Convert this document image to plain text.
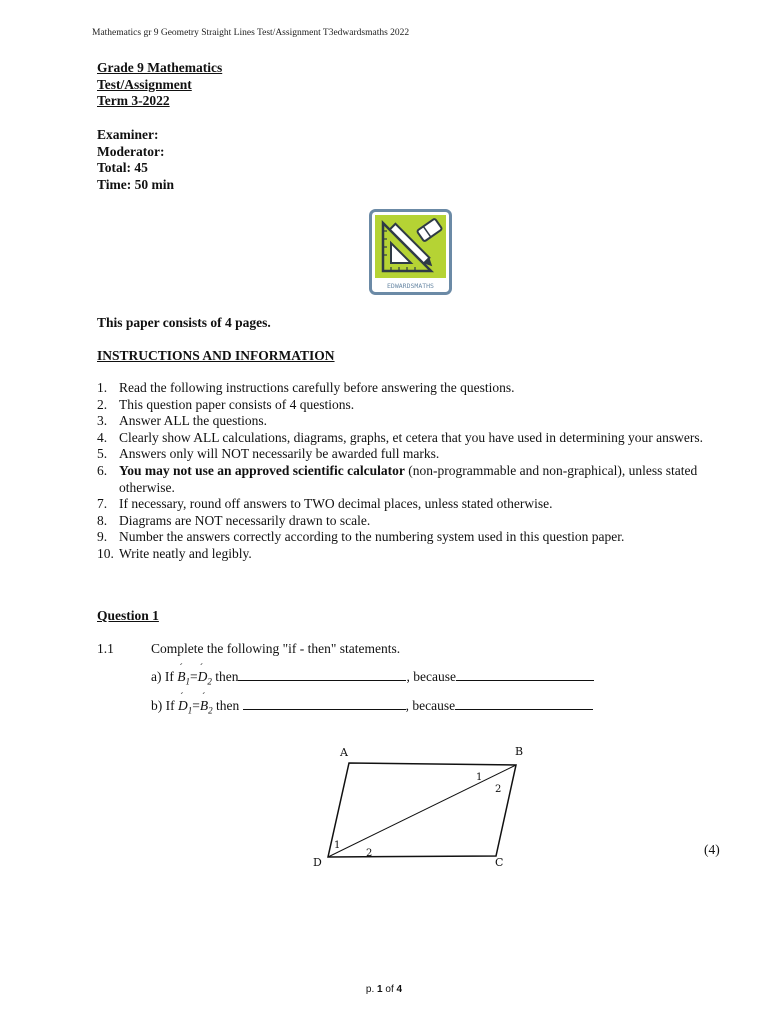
Mathematics gr 9 Geometry Straight Lines Test/Assignment T3edwardsmaths 2022
Grade 9 Mathematics
Test/Assignment
Term 3-2022
Examiner:
Moderator:
Total: 45
Time: 50 min
EDWARDSMATHS
This paper consists of 4 pages.
INSTRUCTIONS AND INFORMATION
1. Read the following instructions carefully before answering the questions.
2. This question paper consists of 4 questions.
3. Answer ALL the questions.
4. Clearly show ALL calculations, diagrams, graphs, et cetera that you have used in determining your answers.
5. Answers only will NOT necessarily be awarded full marks.
6. You may not use an approved scientific calculator (non-programmable and non-graphical), unless stated otherwise.
7. If necessary, round off answers to TWO decimal places, unless stated otherwise.
8. Diagrams are NOT necessarily drawn to scale.
9. Number the answers correctly according to the numbering system used in this question paper.
10. Write neatly and legibly.
Question 1
1.1	Complete the following "if - then" statements.
a) If ´ $B_1=´$ $D_2$ then	, because
b) If ´ $D_1=´$ $B_2$ then	, because
A	B
C
D
1
2
1
2	(4)
p. 1 of 4
